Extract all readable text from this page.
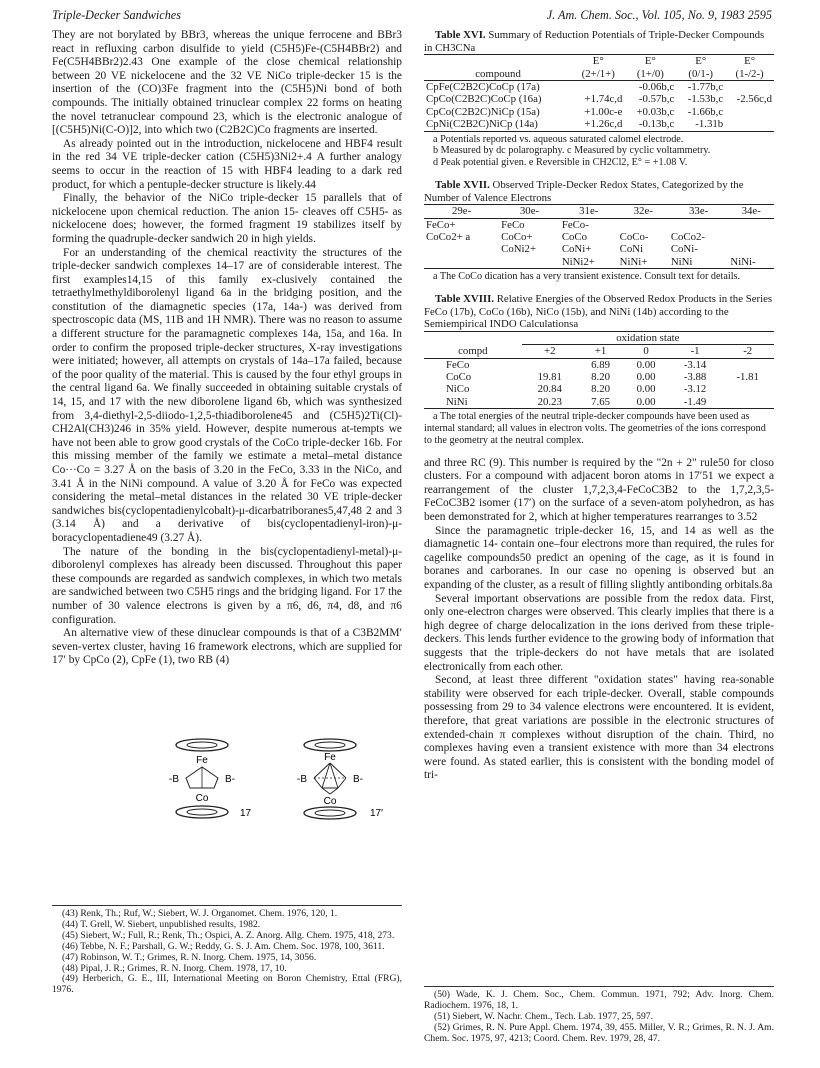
Triple-Decker Sandwiches	J. Am. Chem. Soc., Vol. 105, No. 9, 1983 2595

They are not borylated by BBr3, whereas the unique ferrocene and BBr3 react in refluxing carbon disulfide to yield (C5H5)Fe-(C5H4BBr2) and Fe(C5H4BBr2)2.43 One example of the close chemical relationship between 20 VE nickelocene and the 32 VE NiCo triple-decker 15 is the insertion of the (CO)3Fe fragment into the (C5H5)Ni bond of both compounds. The initially obtained trinuclear complex 22 forms on heating the novel tetranuclear compound 23, which is the electronic analogue of [(C5H5)Ni(C-O)]2, into which two (C2B2C)Co fragments are inserted.

As already pointed out in the introduction, nickelocene and HBF4 result in the red 34 VE triple-decker cation (C5H5)3Ni2+.4 A further analogy seems to occur in the reaction of 15 with HBF4 leading to a dark red product, for which a pentuple-decker structure is likely.44

Finally, the behavior of the NiCo triple-decker 15 parallels that of nickelocene upon chemical reduction. The anion 15- cleaves off C5H5- as nickelocene does; however, the formed fragment 19 stabilizes itself by forming the quadruple-decker sandwich 20 in high yields.

For an understanding of the chemical reactivity the structures of the triple-decker sandwich complexes 14–17 are of considerable interest. The first examples14,15 of this family ex-clusively contained the tetraethylmethyldiborolenyl ligand 6a in the bridging position, and the constitution of the diamagnetic species (17a, 14a-) was derived from spectroscopic data (MS, 11B and 1H NMR). There was no reason to assume a different structure for the paramagnetic complexes 14a, 15a, and 16a. In order to confirm the proposed triple-decker structures, X-ray investigations were initiated; however, all attempts on crystals of 14a–17a failed, because of the poor quality of the material. This is caused by the four ethyl groups in the central ligand 6a. We finally succeeded in obtaining suitable crystals of 14, 15, and 17 with the new diborolene ligand 6b, which was synthesized from 3,4-diethyl-2,5-diiodo-1,2,5-thiadiborolene45 and (C5H5)2Ti(Cl)-CH2Al(CH3)246 in 35% yield. However, despite numerous at-tempts we have not been able to grow good crystals of the CoCo triple-decker 16b. For this missing member of the family we estimate a metal–metal distance Co···Co = 3.27 Å on the basis of 3.20 in the FeCo, 3.33 in the NiCo, and 3.41 Å in the NiNi compound. A value of 3.20 Å for FeCo was expected considering the metal–metal distances in the related 30 VE triple-decker sandwiches bis(cyclopentadienylcobalt)-μ-dicarbatriboranes5,47,48 2 and 3 (3.14 Å) and a derivative of bis(cyclopentadienyl-iron)-μ-boracyclopentadiene49 (3.27 Å).

The nature of the bonding in the bis(cyclopentadienyl-metal)-μ-diborolenyl complexes has already been discussed. Throughout this paper these compounds are regarded as sandwich complexes, in which two metals are sandwiched between two C5H5 rings and the bridging ligand. For 17 the number of 30 valence electrons is given by a π6, d6, π4, d8, and π6 configuration.

An alternative view of these dinuclear compounds is that of a C3B2MM′ seven-vertex cluster, having 16 framework electrons, which are supplied for 17′ by CpCo (2), CpFe (1), two RB (4)

Fe
-B	B-
Co
17
Fe
-B	B-
Co
17′

(43) Renk, Th.; Ruf, W.; Siebert, W. J. Organomet. Chem. 1976, 120, 1.

(44) T. Grell, W. Siebert, unpublished results, 1982.

(45) Siebert, W.; Full, R.; Renk, Th.; Ospici, A. Z. Anorg. Allg. Chem. 1975, 418, 273.

(46) Tebbe, N. F.; Parshall, G. W.; Reddy, G. S. J. Am. Chem. Soc. 1978, 100, 3611.

(47) Robinson, W. T.; Grimes, R. N. Inorg. Chem. 1975, 14, 3056.

(48) Pipal, J. R.; Grimes, R. N. Inorg. Chem. 1978, 17, 10.

(49) Herberich, G. E., III, International Meeting on Boron Chemistry, Ettal (FRG), 1976.

Table XVI. Summary of Reduction Potentials of Triple-Decker Compounds in CH3CNa

	E°	E°	E°	E°
compound	(2+/1+)	(1+/0)	(0/1-)	(1-/2-)
CpFe(C2B2C)CoCp (17a)		-0.06b,c	-1.77b,c	
CpCo(C2B2C)CoCp (16a)	+1.74c,d	-0.57b,c	-1.53b,c	-2.56c,d
CpCo(C2B2C)NiCp (15a)	+1.00c-e	+0.03b,c	-1.66b,c	
CpNi(C2B2C)NiCp (14a)	+1.26c,d	-0.13b,c	-1.31b	

a Potentials reported vs. aqueous saturated calomel electrode.

b Measured by dc polarography. c Measured by cyclic voltammetry.

d Peak potential given. e Reversible in CH2Cl2, E° = +1.08 V.

Table XVII. Observed Triple-Decker Redox States, Categorized by the Number of Valence Electrons

29e-	30e-	31e-	32e-	33e-	34e-
FeCo+	FeCo	FeCo-			
CoCo2+ a	CoCo+	CoCo	CoCo-	CoCo2-	
	CoNi2+	CoNi+	CoNi	CoNi-	
		NiNi2+	NiNi+	NiNi	NiNi-

a The CoCo dication has a very transient existence. Consult text for details.

Table XVIII. Relative Energies of the Observed Redox Products in the Series FeCo (17b), CoCo (16b), NiCo (15b), and NiNi (14b) according to the Semiempirical INDO Calculationsa

	oxidation state				
compd	+2	+1	0	-1	-2
FeCo		6.89	0.00	-3.14	
CoCo	19.81	8.20	0.00	-3.88	-1.81
NiCo	20.84	8.20	0.00	-3.12	
NiNi	20.23	7.65	0.00	-1.49	

a The total energies of the neutral triple-decker compounds have been used as internal standard; all values in electron volts. The geometries of the ions correspond to the geometry at the neutral complex.

and three RC (9). This number is required by the "2n + 2" rule50 for closo clusters. For a compound with adjacent boron atoms in 17′51 we expect a rearrangement of the cluster 1,7,2,3,4-FeCoC3B2 to the 1,7,2,3,5-FeCoC3B2 isomer (17′) on the surface of a seven-atom polyhedron, as has been demonstrated for 2, which at higher temperatures rearranges to 3.52

Since the paramagnetic triple-decker 16, 15, and 14 as well as the diamagnetic 14- contain one–four electrons more than required, the rules for cagelike compounds50 predict an opening of the cage, as it is found in boranes and carboranes. In our case no opening is observed but an expanding of the cluster, as a result of filling slightly antibonding orbitals.8a

Several important observations are possible from the redox data. First, only one-electron charges were observed. This clearly implies that there is a high degree of charge delocalization in the ions derived from these triple-deckers. This lends further evidence to the growing body of information that suggests that the triple-deckers do not have metals that are isolated electronically from each other.

Second, at least three different "oxidation states" having rea-sonable stability were observed for each triple-decker. Overall, stable compounds possessing from 29 to 34 valence electrons were encountered. It is evident, therefore, that great variations are possible in the electronic structures of extended-chain π complexes without disruption of the chain. Third, no complexes having even a transient existence with more than 34 electrons were found. As stated earlier, this is consistent with the bonding model of tri-

(50) Wade, K. J. Chem. Soc., Chem. Commun. 1971, 792; Adv. Inorg. Chem. Radiochem. 1976, 18, 1.

(51) Siebert, W. Nachr. Chem., Tech. Lab. 1977, 25, 597.

(52) Grimes, R. N. Pure Appl. Chem. 1974, 39, 455. Miller, V. R.; Grimes, R. N. J. Am. Chem. Soc. 1975, 97, 4213; Coord. Chem. Rev. 1979, 28, 47.
